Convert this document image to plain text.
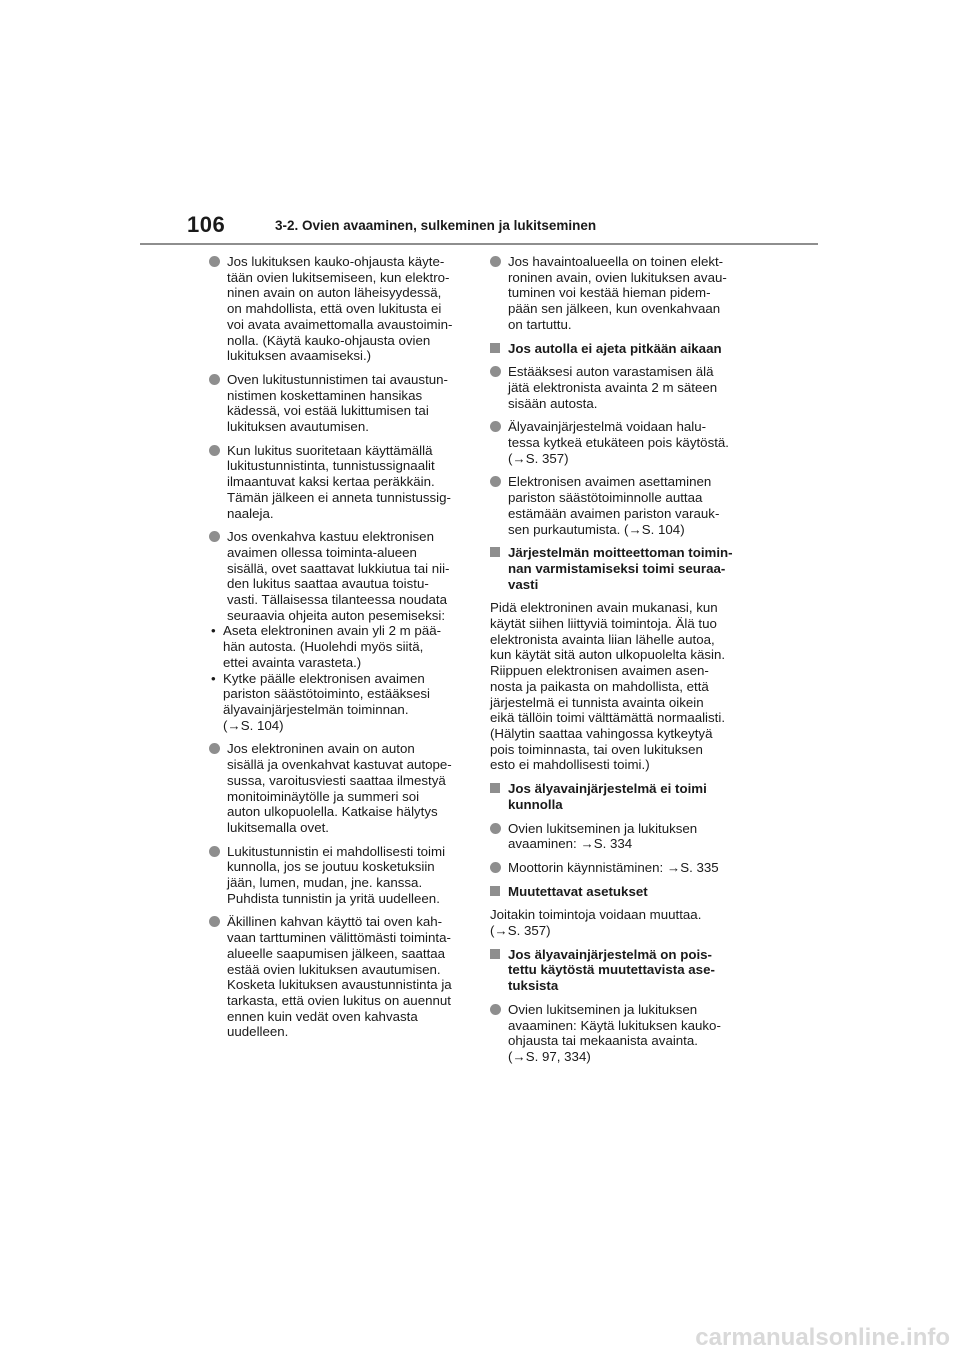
106	3-2. Ovien avaaminen, sulkeminen ja lukitseminen
Jos lukituksen kauko-ohjausta käyte-
tään ovien lukitsemiseen, kun elektro-
ninen avain on auton läheisyydessä,
on mahdollista, että oven lukitusta ei
voi avata avaimettomalla avaustoimin-
nolla. (Käytä kauko-ohjausta ovien
lukituksen avaamiseksi.)
Oven lukitustunnistimen tai avaustun-
nistimen koskettaminen hansikas
kädessä, voi estää lukittumisen tai
lukituksen avautumisen.
Kun lukitus suoritetaan käyttämällä
lukitustunnistinta, tunnistussignaalit
ilmaantuvat kaksi kertaa peräkkäin.
Tämän jälkeen ei anneta tunnistussig-
naaleja.
Jos ovenkahva kastuu elektronisen
avaimen ollessa toiminta-alueen
sisällä, ovet saattavat lukkiutua tai nii-
den lukitus saattaa avautua toistu-
vasti. Tällaisessa tilanteessa noudata
seuraavia ohjeita auton pesemiseksi:
• Aseta elektroninen avain yli 2 m pää-
hän autosta. (Huolehdi myös siitä,
ettei avainta varasteta.)
• Kytke päälle elektronisen avaimen
pariston säästötoiminto, estääksesi
älyavainjärjestelmän toiminnan.
(→S. 104)
Jos elektroninen avain on auton
sisällä ja ovenkahvat kastuvat autope-
sussa, varoitusviesti saattaa ilmestyä
monitoiminäytölle ja summeri soi
auton ulkopuolella. Katkaise hälytys
lukitsemalla ovet.
Lukitustunnistin ei mahdollisesti toimi
kunnolla, jos se joutuu kosketuksiin
jään, lumen, mudan, jne. kanssa.
Puhdista tunnistin ja yritä uudelleen.
Äkillinen kahvan käyttö tai oven kah-
vaan tarttuminen välittömästi toiminta-
alueelle saapumisen jälkeen, saattaa
estää ovien lukituksen avautumisen.
Kosketa lukituksen avaustunnistinta ja
tarkasta, että ovien lukitus on auennut
ennen kuin vedät oven kahvasta
uudelleen.
Jos havaintoalueella on toinen elekt-
roninen avain, ovien lukituksen avau-
tuminen voi kestää hieman pidem-
pään sen jälkeen, kun ovenkahvaan
on tartuttu.
Jos autolla ei ajeta pitkään aikaan
Estääksesi auton varastamisen älä
jätä elektronista avainta 2 m säteen
sisään autosta.
Älyavainjärjestelmä voidaan halu-
tessa kytkeä etukäteen pois käytöstä.
(→S. 357)
Elektronisen avaimen asettaminen
pariston säästötoiminnolle auttaa
estämään avaimen pariston varauk-
sen purkautumista. (→S. 104)
Järjestelmän moitteettoman toimin-
nan varmistamiseksi toimi seuraa-
vasti
Pidä elektroninen avain mukanasi, kun
käytät siihen liittyviä toimintoja. Älä tuo
elektronista avainta liian lähelle autoa,
kun käytät sitä auton ulkopuolelta käsin.
Riippuen elektronisen avaimen asen-
nosta ja paikasta on mahdollista, että
järjestelmä ei tunnista avainta oikein
eikä tällöin toimi välttämättä normaalisti.
(Hälytin saattaa vahingossa kytkeytyä
pois toiminnasta, tai oven lukituksen
esto ei mahdollisesti toimi.)
Jos älyavainjärjestelmä ei toimi
kunnolla
Ovien lukitseminen ja lukituksen
avaaminen: →S. 334
Moottorin käynnistäminen: →S. 335
Muutettavat asetukset
Joitakin toimintoja voidaan muuttaa.
(→S. 357)
Jos älyavainjärjestelmä on pois-
tettu käytöstä muutettavista ase-
tuksista
Ovien lukitseminen ja lukituksen
avaaminen: Käytä lukituksen kauko-
ohjausta tai mekaanista avainta.
(→S. 97, 334)
carmanualsonline.info
